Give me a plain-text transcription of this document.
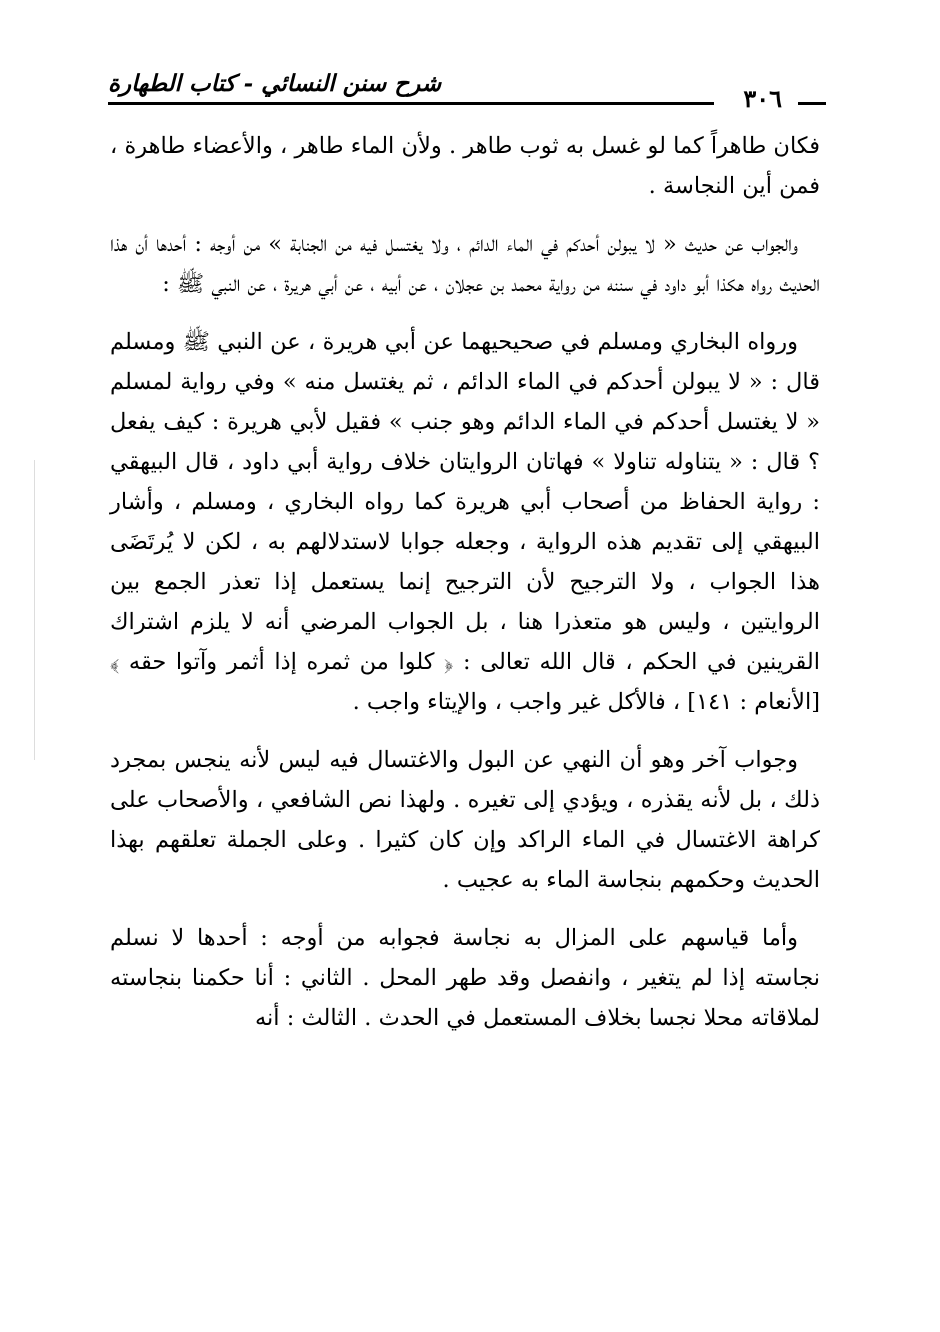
شرح سنن النسائي - كتاب الطهارة
٣٠٦

فكان طاهراً كما لو غسل به ثوب طاهر . ولأن الماء طاهر ، والأعضاء طاهرة ، فمن أين النجاسة .

والجواب عن حديث « لا يبولن أحدكم في الماء الدائم ، ولا يغتسل فيه من الجنابة » من أوجه : أحدها أن هذا الحديث رواه هكذا أبو داود في سننه من رواية محمد بن عجلان ، عن أبيه ، عن أبي هريرة ، عن النبي ﷺ :

ورواه البخاري ومسلم في صحيحيهما عن أبي هريرة ، عن النبي ﷺ ومسلم قال : « لا يبولن أحدكم في الماء الدائم ، ثم يغتسل منه » وفي رواية لمسلم « لا يغتسل أحدكم في الماء الدائم وهو جنب » فقيل لأبي هريرة : كيف يفعل ؟ قال : « يتناوله تناولا » فهاتان الروايتان خلاف رواية أبي داود ، قال البيهقي : رواية الحفاظ من أصحاب أبي هريرة كما رواه البخاري ، ومسلم ، وأشار البيهقي إلى تقديم هذه الرواية ، وجعله جوابا لاستدلالهم به ، لكن لا يُرتَضَى هذا الجواب ، ولا الترجيح لأن الترجيح إنما يستعمل إذا تعذر الجمع بين الروايتين ، وليس هو متعذرا هنا ، بل الجواب المرضي أنه لا يلزم اشتراك القرينين في الحكم ، قال الله تعالى : ﴿ كلوا من ثمره إذا أثمر وآتوا حقه ﴾ [الأنعام : ١٤١] ، فالأكل غير واجب ، والإيتاء واجب .

وجواب آخر وهو أن النهي عن البول والاغتسال فيه ليس لأنه ينجس بمجرد ذلك ، بل لأنه يقذره ، ويؤدي إلى تغيره . ولهذا نص الشافعي ، والأصحاب على كراهة الاغتسال في الماء الراكد وإن كان كثيرا . وعلى الجملة تعلقهم بهذا الحديث وحكمهم بنجاسة الماء به عجيب .

وأما قياسهم على المزال به نجاسة فجوابه من أوجه : أحدها لا نسلم نجاسته إذا لم يتغير ، وانفصل وقد طهر المحل . الثاني : أنا حكمنا بنجاسته لملاقاته محلا نجسا بخلاف المستعمل في الحدث . الثالث : أنه
